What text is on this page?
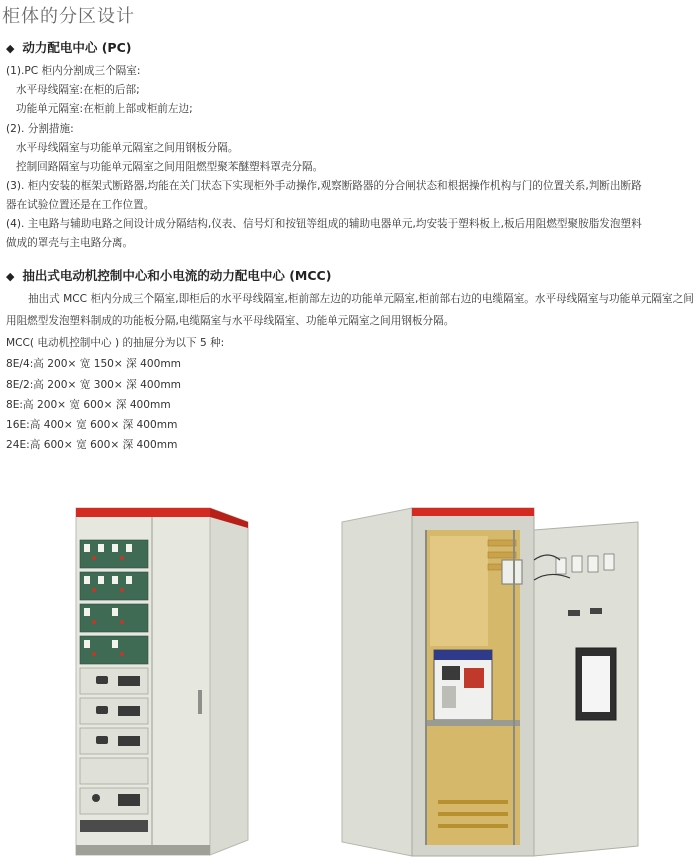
柜体的分区设计
◆ 动力配电中心 (PC)
(1).PC 柜内分割成三个隔室:
水平母线隔室:在柜的后部;
功能单元隔室:在柜前上部或柜前左边;
(2). 分割措施:
水平母线隔室与功能单元隔室之间用钢板分隔。
控制回路隔室与功能单元隔室之间用阻燃型聚苯醚塑料罩壳分隔。
(3). 柜内安装的框架式断路器,均能在关门状态下实现柜外手动操作,观察断路器的分合闸状态和根据操作机构与门的位置关系,判断出断路
器在试验位置还是在工作位置。
(4). 主电路与辅助电路之间设计成分隔结构,仪表、信号灯和按钮等组成的辅助电器单元,均安装于塑料板上,板后用阻燃型聚胺脂发泡塑料
做成的罩壳与主电路分离。
◆ 抽出式电动机控制中心和小电流的动力配电中心 (MCC)
抽出式 MCC 柜内分成三个隔室,即柜后的水平母线隔室,柜前部左边的功能单元隔室,柜前部右边的电缆隔室。水平母线隔室与功能单元隔室之间用阻燃型发泡塑料制成的功能板分隔,电缆隔室与水平母线隔室、功能单元隔室之间用钢板分隔。
MCC( 电动机控制中心 ) 的抽屉分为以下 5 种:
8E/4:高 200× 宽 150× 深 400mm
8E/2:高 200× 宽 300× 深 400mm
8E:高 200× 宽 600× 深 400mm
16E:高 400× 宽 600× 深 400mm
24E:高 600× 宽 600× 深 400mm
